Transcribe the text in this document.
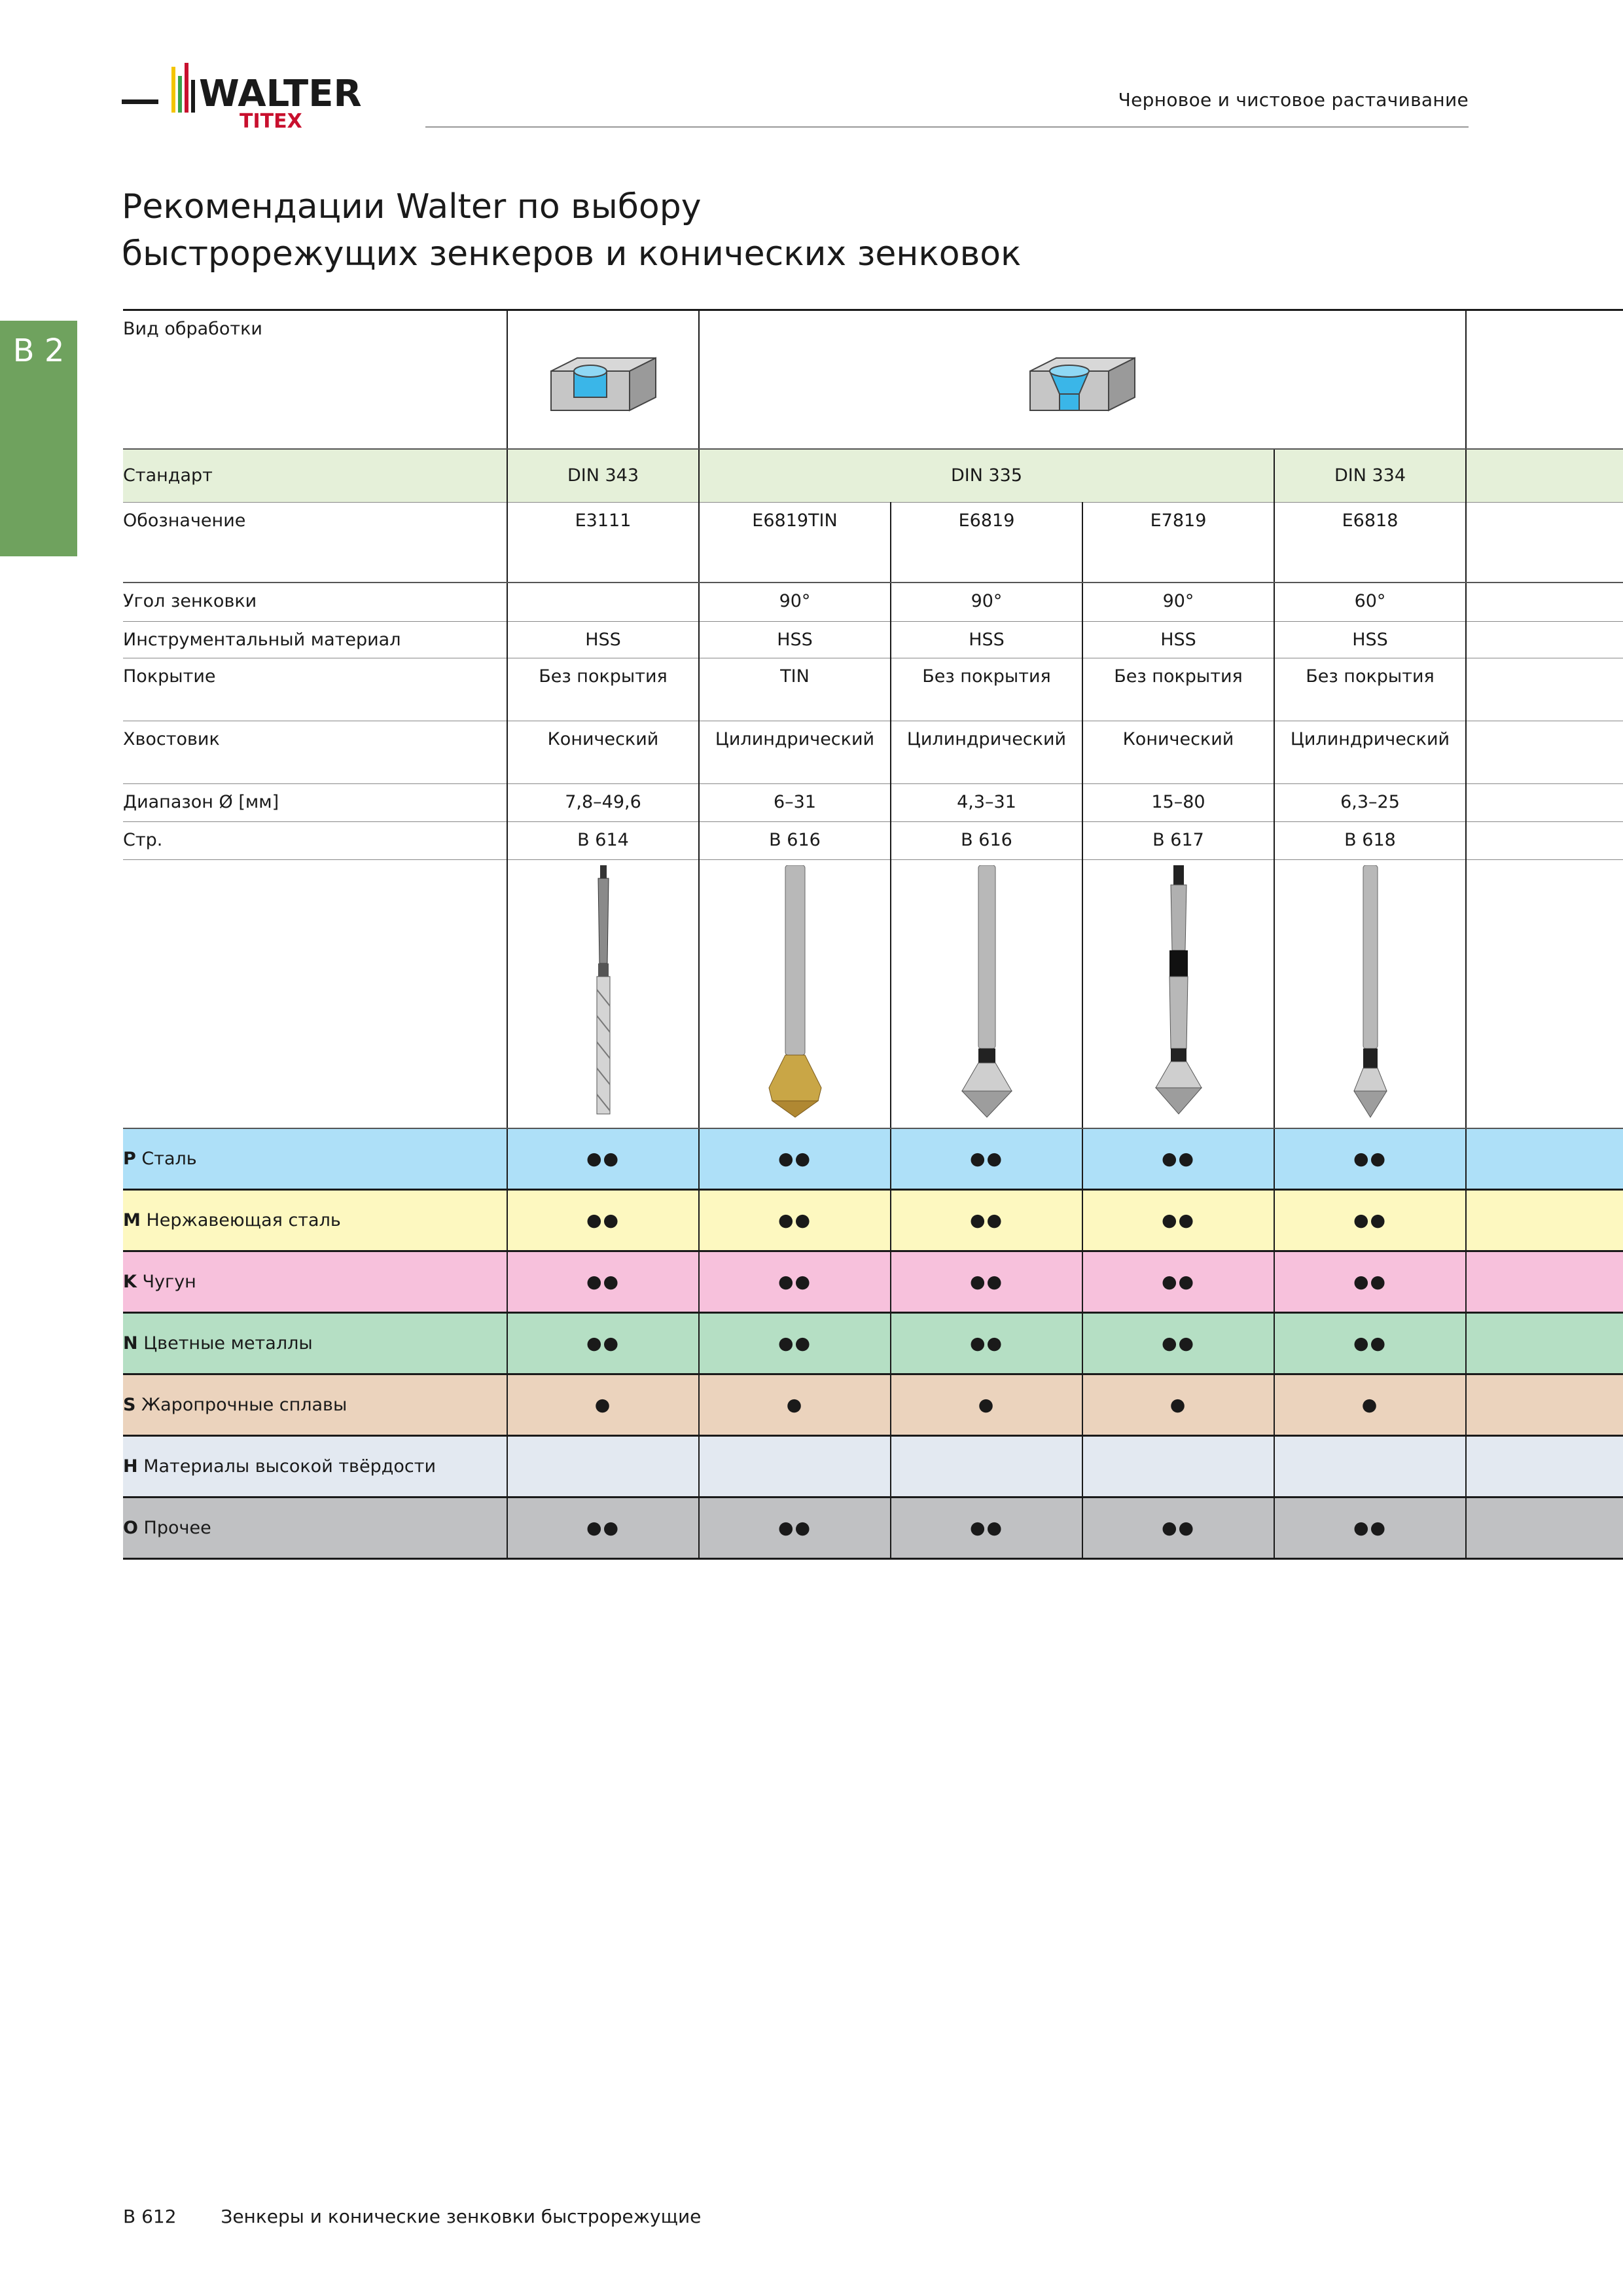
WALTER
TITEX
Черновое и чистовое растачивание
Рекомендации Walter по выбору
быстрорежущих зенкеров и конических зенковок
B 2
Вид обработки			
Стандарт	DIN 343	DIN 335			DIN 334	
Обозначение	E3111	E6819TIN	E6819	E7819	E6818	
Угол зенковки		90°	90°	90°	60°	
Инструментальный материал	HSS	HSS	HSS	HSS	HSS	
Покрытие	Без покрытия	TIN	Без покрытия	Без покрытия	Без покрытия	
Хвостовик	Конический	Цилиндрический	Цилиндрический	Конический	Цилиндрический	
Диапазон Ø [мм]	7,8–49,6	6–31	4,3–31	15–80	6,3–25	
Стр.	B 614	B 616	B 616	B 617	B 618	

P Сталь	●●	●●	●●	●●	●●	
M Нержавеющая сталь	●●	●●	●●	●●	●●	
K Чугун	●●	●●	●●	●●	●●	
N Цветные металлы	●●	●●	●●	●●	●●	
S Жаропрочные сплавы	●	●	●	●	●	
H Материалы высокой твёрдости						
O Прочее	●●	●●	●●	●●	●●	
B 612 Зенкеры и конические зенковки быстрорежущие
